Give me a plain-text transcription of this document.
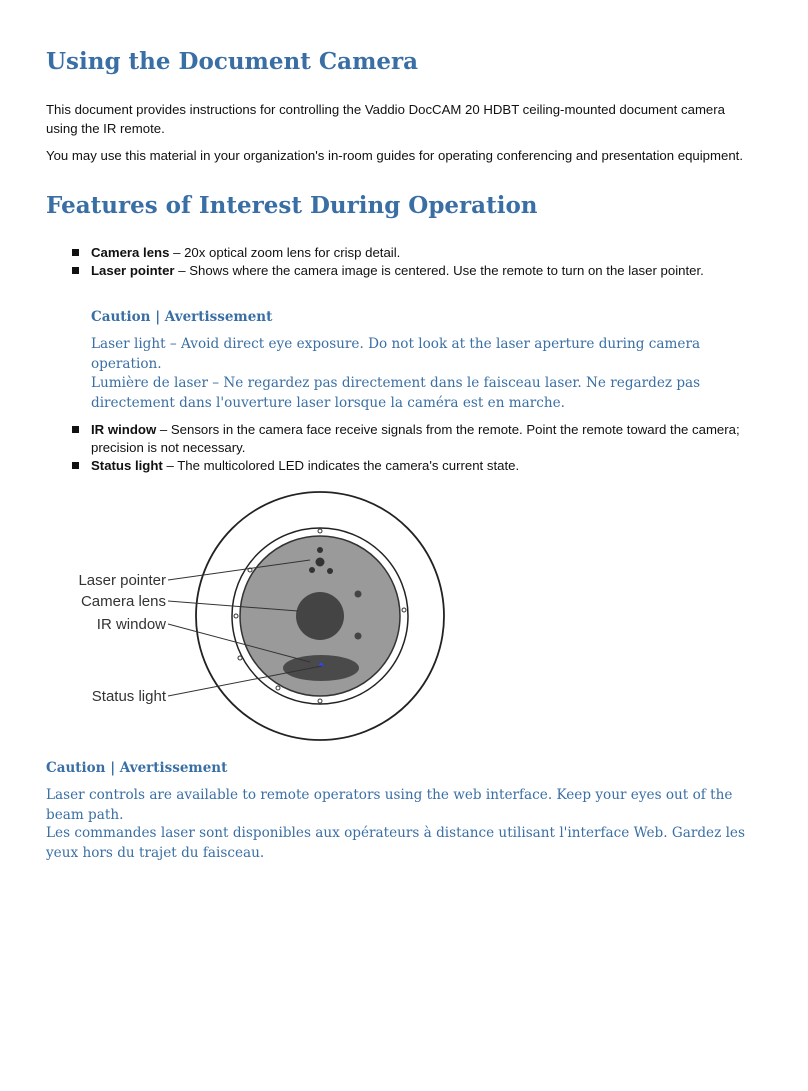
Using the Document Camera

This document provides instructions for controlling the Vaddio DocCAM 20 HDBT ceiling-mounted document camera using the IR remote.

You may use this material in your organization's in-room guides for operating conferencing and presentation equipment.

Features of Interest During Operation
Camera lens – 20x optical zoom lens for crisp detail.
Laser pointer – Shows where the camera image is centered. Use the remote to turn on the laser pointer.
Caution | Avertissement

Laser light – Avoid direct eye exposure. Do not look at the laser aperture during camera operation.

Lumière de laser – Ne regardez pas directement dans le faisceau laser. Ne regardez pas directement dans l'ouverture laser lorsque la caméra est en marche.

IR window – Sensors in the camera face receive signals from the remote. Point the remote toward the camera; precision is not necessary.
Status light – The multicolored LED indicates the camera's current state.
Laser pointer
Camera lens
IR window
Status light
Caution | Avertissement

Laser controls are available to remote operators using the web interface. Keep your eyes out of the beam path.

Les commandes laser sont disponibles aux opérateurs à distance utilisant l'interface Web. Gardez les yeux hors du trajet du faisceau.
